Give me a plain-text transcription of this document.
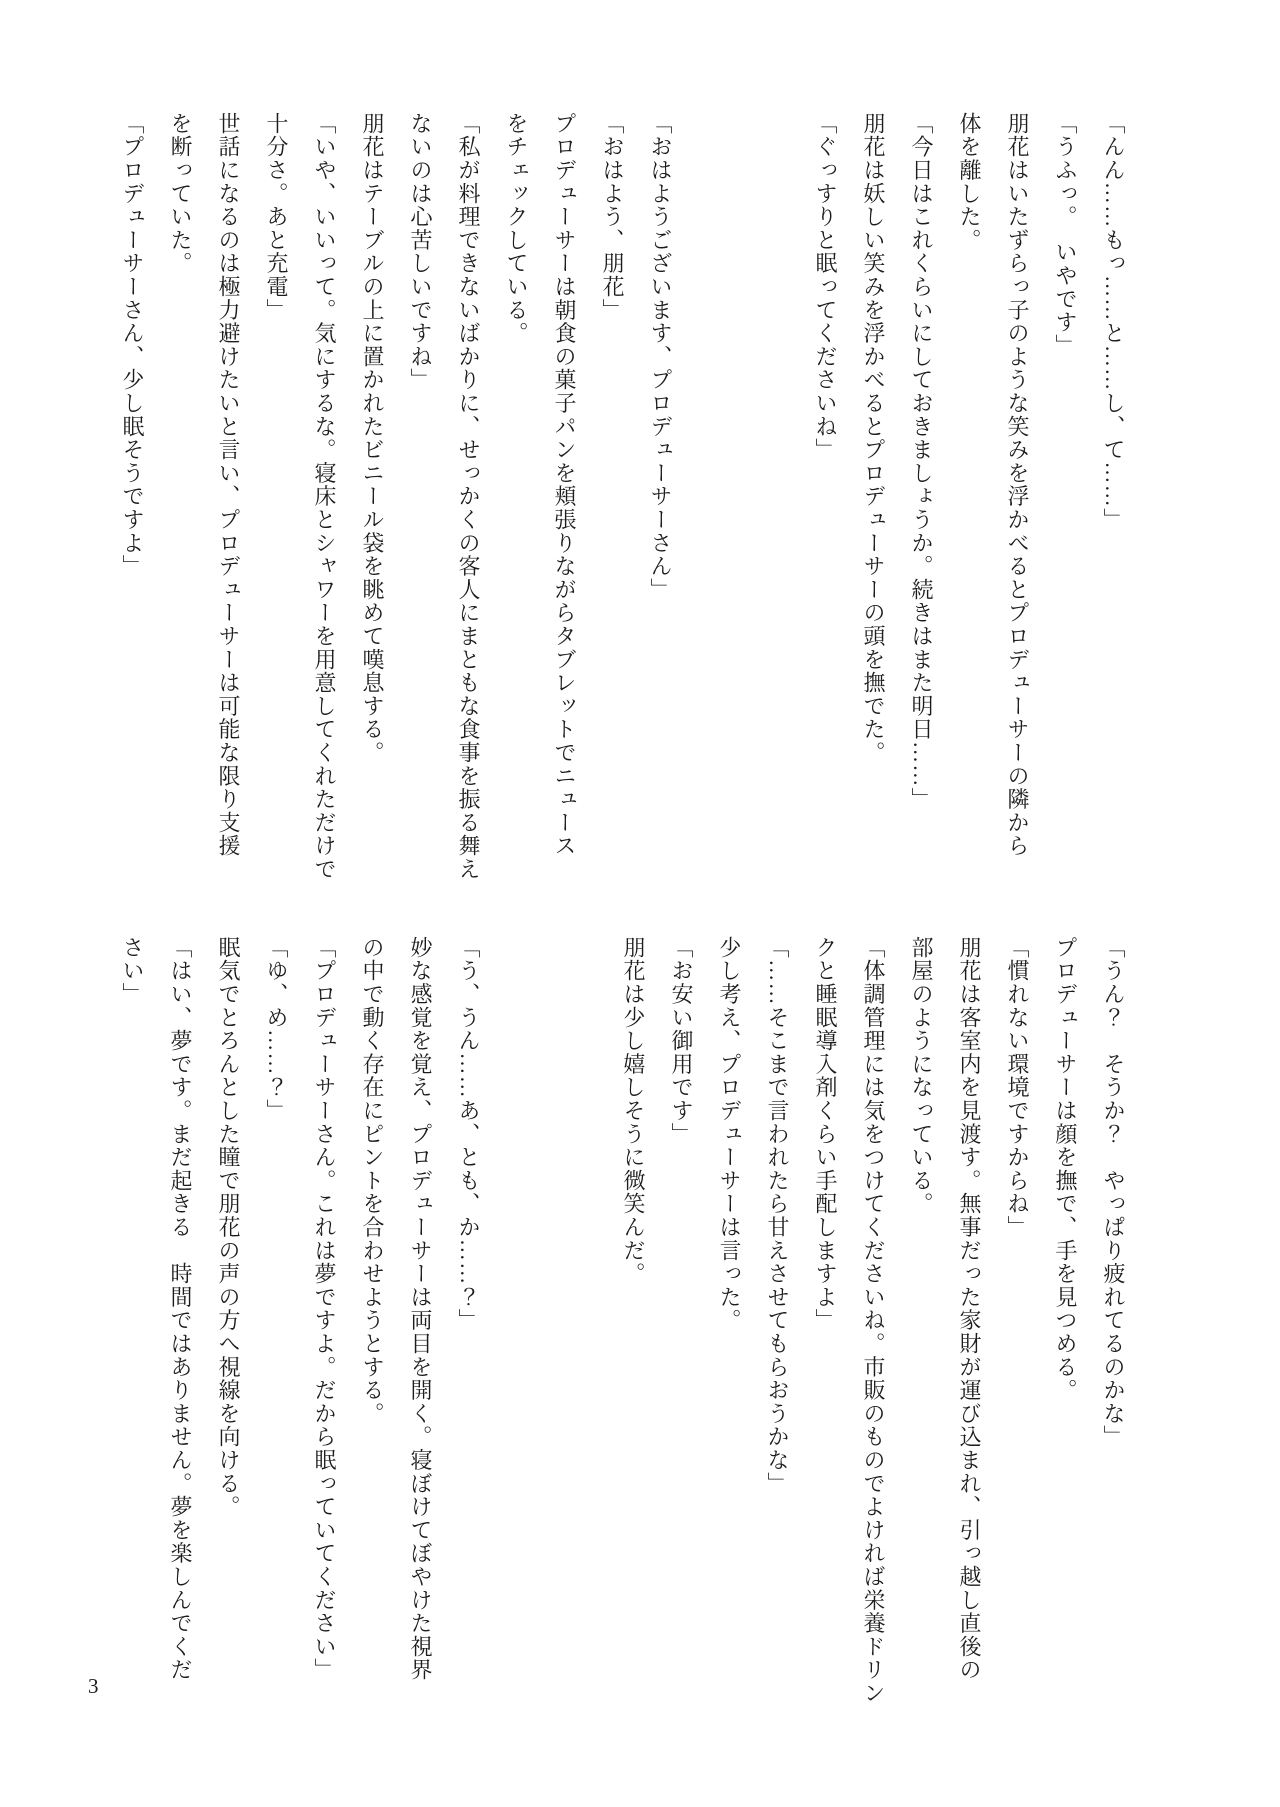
「んん……もっ……と……し、て……」

「うふっ。　いやです」

朋花はいたずらっ子のような笑みを浮かべるとプロデューサーの隣から

体を離した。

「今日はこれくらいにしておきましょうか。続きはまた明日……」

朋花は妖しい笑みを浮かべるとプロデューサーの頭を撫でた。

「ぐっすりと眠ってくださいね」

「おはようございます、プロデューサーさん」

「おはよう、朋花」

プロデューサーは朝食の菓子パンを頬張りながらタブレットでニュース

をチェックしている。

「私が料理できないばかりに、せっかくの客人にまともな食事を振る舞え

ないのは心苦しいですね」

朋花はテーブルの上に置かれたビニール袋を眺めて嘆息する。

「いや、いいって。気にするな。寝床とシャワーを用意してくれただけで

十分さ。あと充電」

世話になるのは極力避けたいと言い、プロデューサーは可能な限り支援

を断っていた。

「プロデューサーさん、少し眠そうですよ」

「うん？　そうか？　やっぱり疲れてるのかな」

プロデューサーは顔を撫で、手を見つめる。

「慣れない環境ですからね」

朋花は客室内を見渡す。無事だった家財が運び込まれ、引っ越し直後の

部屋のようになっている。

「体調管理には気をつけてくださいね。市販のものでよければ栄養ドリン

クと睡眠導入剤くらい手配しますよ」

「……そこまで言われたら甘えさせてもらおうかな」

少し考え、プロデューサーは言った。

「お安い御用です」

朋花は少し嬉しそうに微笑んだ。

「う、うん……あ、とも、か……？」

妙な感覚を覚え、プロデューサーは両目を開く。寝ぼけてぼやけた視界

の中で動く存在にピントを合わせようとする。

「プロデューサーさん。これは夢ですよ。だから眠っていてください」

「ゆ、め……？」

眠気でとろんとした瞳で朋花の声の方へ視線を向ける。

「はい、夢です。まだ起きる　時間ではありません。夢を楽しんでくだ

さい」

3
